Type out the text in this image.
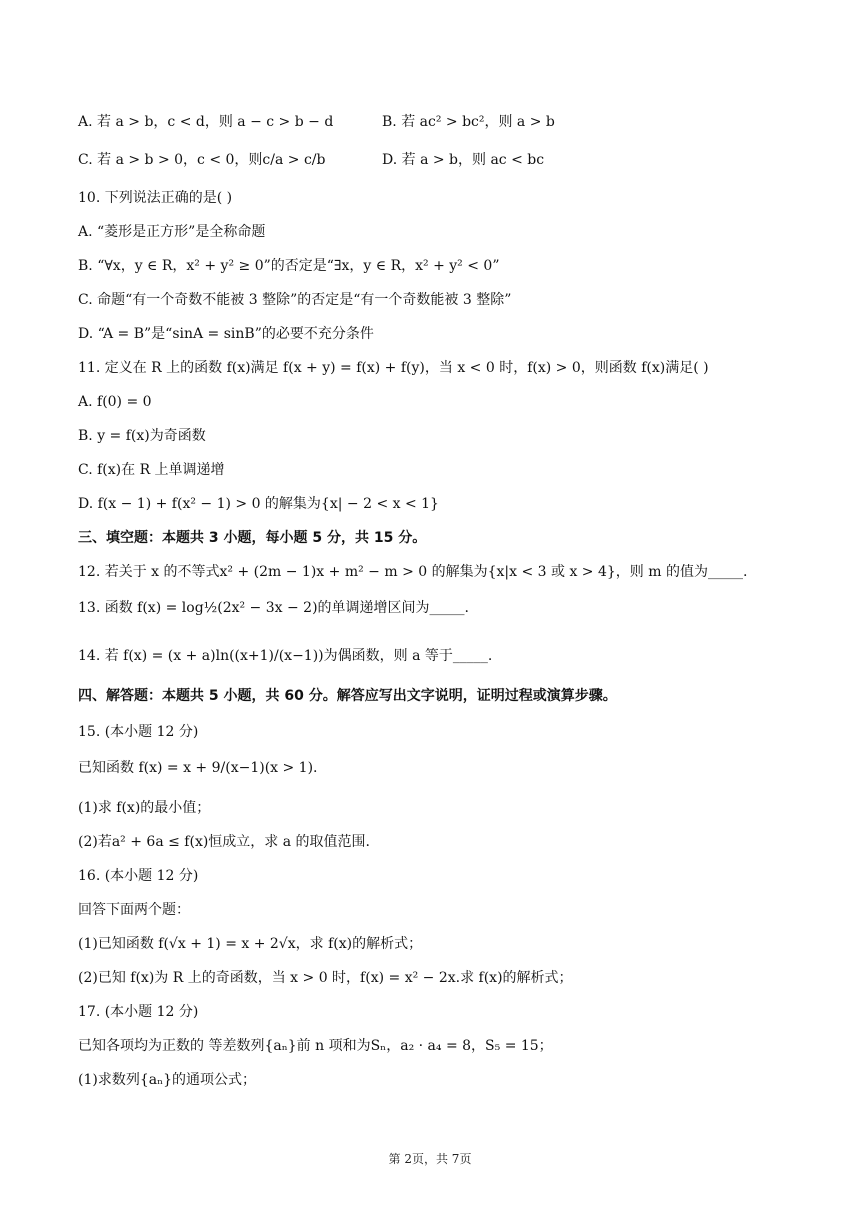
A. 若 a > b，c < d，则 a − c > b − d	B. 若 ac² > bc²，则 a > b
C. 若 a > b > 0，c < 0，则c/a > c/b	D. 若 a > b，则 ac < bc
10. 下列说法正确的是( )
A. “菱形是正方形”是全称命题
B. “∀x，y ∈ R，x² + y² ≥ 0”的否定是“∃x，y ∈ R，x² + y² < 0”
C. 命题“有一个奇数不能被 3 整除”的否定是“有一个奇数能被 3 整除”
D. “A = B”是“sinA = sinB”的必要不充分条件
11. 定义在 R 上的函数 f(x)满足 f(x + y) = f(x) + f(y)，当 x < 0 时，f(x) > 0，则函数 f(x)满足( )
A. f(0) = 0
B. y = f(x)为奇函数
C. f(x)在 R 上单调递增
D. f(x − 1) + f(x² − 1) > 0 的解集为{x| − 2 < x < 1}
三、填空题：本题共 3 小题，每小题 5 分，共 15 分。
12. 若关于 x 的不等式x² + (2m − 1)x + m² − m > 0 的解集为{x|x < 3 或 x > 4}，则 m 的值为_____.
13. 函数 f(x) = log½(2x² − 3x − 2)的单调递增区间为_____.
14. 若 f(x) = (x + a)ln((x+1)/(x−1))为偶函数，则 a 等于_____.
四、解答题：本题共 5 小题，共 60 分。解答应写出文字说明，证明过程或演算步骤。
15. (本小题 12 分)
已知函数 f(x) = x + 9/(x−1)(x > 1).
(1)求 f(x)的最小值；
(2)若a² + 6a ≤ f(x)恒成立，求 a 的取值范围.
16. (本小题 12 分)
回答下面两个题：
(1)已知函数 f(√x + 1) = x + 2√x，求 f(x)的解析式；
(2)已知 f(x)为 R 上的奇函数，当 x > 0 时，f(x) = x² − 2x.求 f(x)的解析式；
17. (本小题 12 分)
已知各项均为正数的 等差数列{aₙ}前 n 项和为Sₙ，a₂ · a₄ = 8，S₅ = 15；
(1)求数列{aₙ}的通项公式；
第 2页，共 7页
